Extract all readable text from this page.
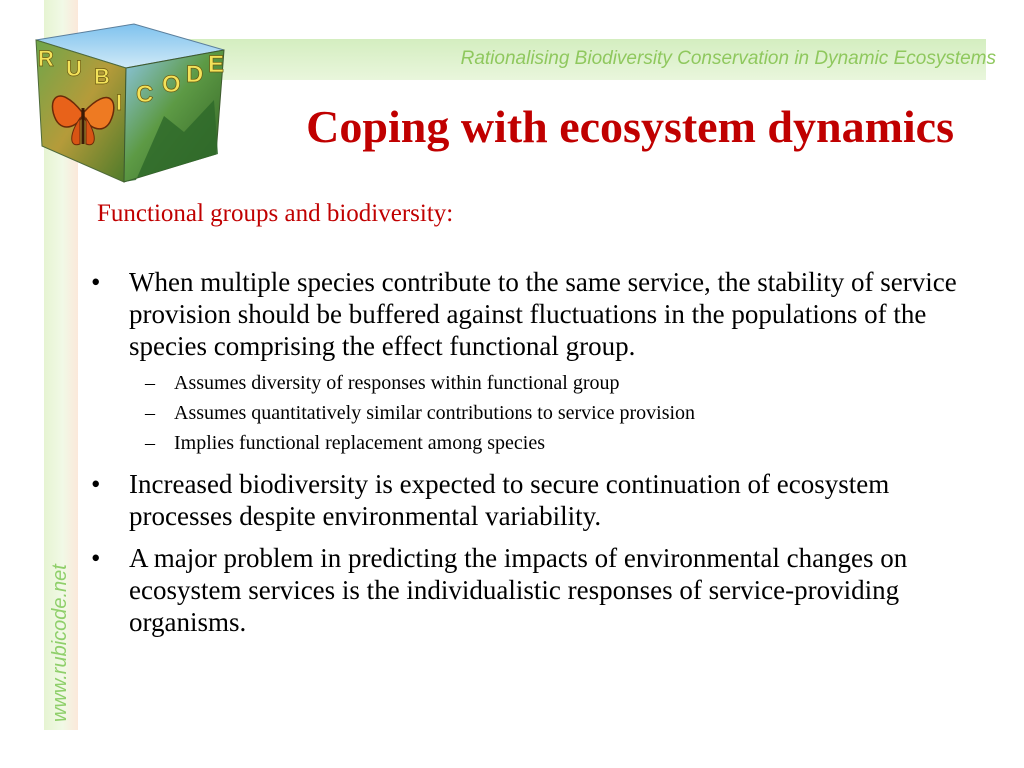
www.rubicode.net
Rationalising Biodiversity Conservation in Dynamic Ecosystems
R U B
I C O D E
Coping with ecosystem dynamics
Functional groups and biodiversity:
• When multiple species contribute to the same service, the stability of service provision should be buffered against fluctuations in the populations of the species comprising the effect functional group.
– Assumes diversity of responses within functional group
– Assumes quantitatively similar contributions to service provision
– Implies functional replacement among species
• Increased biodiversity is expected to secure continuation of ecosystem processes despite environmental variability.
• A major problem in predicting the impacts of environmental changes on ecosystem services is the individualistic responses of service-providing organisms.
